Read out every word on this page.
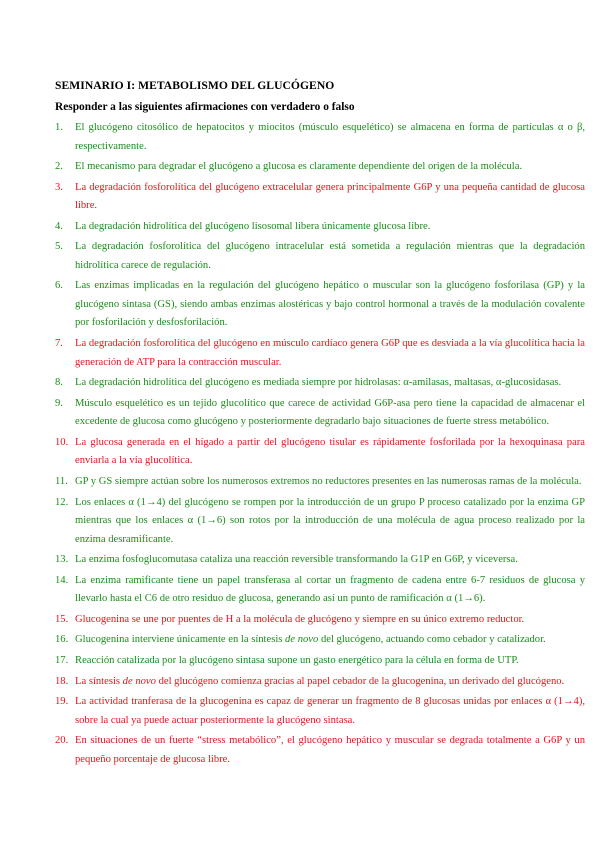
SEMINARIO I: METABOLISMO DEL GLUCÓGENO
Responder a las siguientes afirmaciones con verdadero o falso
1.	El glucógeno citosólico de hepatocitos y miocitos (músculo esquelético) se almacena en forma de partículas α o β, respectivamente.
2.	El mecanismo para degradar el glucógeno a glucosa es claramente dependiente del origen de la molécula.
3.	La degradación fosforolítica del glucógeno extracelular genera principalmente G6P y una pequeña cantidad de glucosa libre.
4.	La degradación hidrolítica del glucógeno lisosomal libera únicamente glucosa libre.
5.	La degradación fosforolítica del glucógeno intracelular está sometida a regulación mientras que la degradación hidrolítica carece de regulación.
6.	Las enzimas implicadas en la regulación del glucógeno hepático o muscular son la glucógeno fosforilasa (GP) y la glucógeno sintasa (GS), siendo ambas enzimas alostéricas y bajo control hormonal a través de la modulación covalente por fosforilación y desfosforilación.
7.	La degradación fosforolítica del glucógeno en músculo cardíaco genera G6P que es desviada a la vía glucolítica hacia la generación de ATP para la contracción muscular.
8.	La degradación hidrolítica del glucógeno es mediada siempre por hidrolasas: α-amilasas, maltasas, α-glucosidasas.
9.	Músculo esquelético es un tejido glucolítico que carece de actividad G6P-asa pero tiene la capacidad de almacenar el excedente de glucosa como glucógeno y posteriormente degradarlo bajo situaciones de fuerte stress metabólico.
10. La glucosa generada en el hígado a partir del glucógeno tisular es rápidamente fosforilada por la hexoquinasa para enviarla a la vía glucolítica.
11. GP y GS siempre actúan sobre los numerosos extremos no reductores presentes en las numerosas ramas de la molécula.
12. Los enlaces α (1→4) del glucógeno se rompen por la introducción de un grupo P proceso catalizado por la enzima GP mientras que los enlaces α (1→6) son rotos por la introducción de una molécula de agua proceso realizado por la enzima desramificante.
13. La enzima fosfoglucomutasa cataliza una reacción reversible transformando la G1P en G6P, y viceversa.
14. La enzima ramificante tiene un papel transferasa al cortar un fragmento de cadena entre 6-7 residuos de glucosa y llevarlo hasta el C6 de otro residuo de glucosa, generando así un punto de ramificación α (1→6).
15. Glucogenina se une por puentes de H a la molécula de glucógeno y siempre en su único extremo reductor.
16. Glucogenina interviene únicamente en la síntesis de novo del glucógeno, actuando como cebador y catalizador.
17. Reacción catalizada por la glucógeno sintasa supone un gasto energético para la célula en forma de UTP.
18. La síntesis de novo del glucógeno comienza gracias al papel cebador de la glucogenina, un derivado del glucógeno.
19. La actividad tranferasa de la glucogenina es capaz de generar un fragmento de 8 glucosas unidas por enlaces α (1→4), sobre la cual ya puede actuar posteriormente la glucógeno sintasa.
20. En situaciones de un fuerte “stress metabólico”, el glucógeno hepático y muscular se degrada totalmente a G6P y un pequeño porcentaje de glucosa libre.
